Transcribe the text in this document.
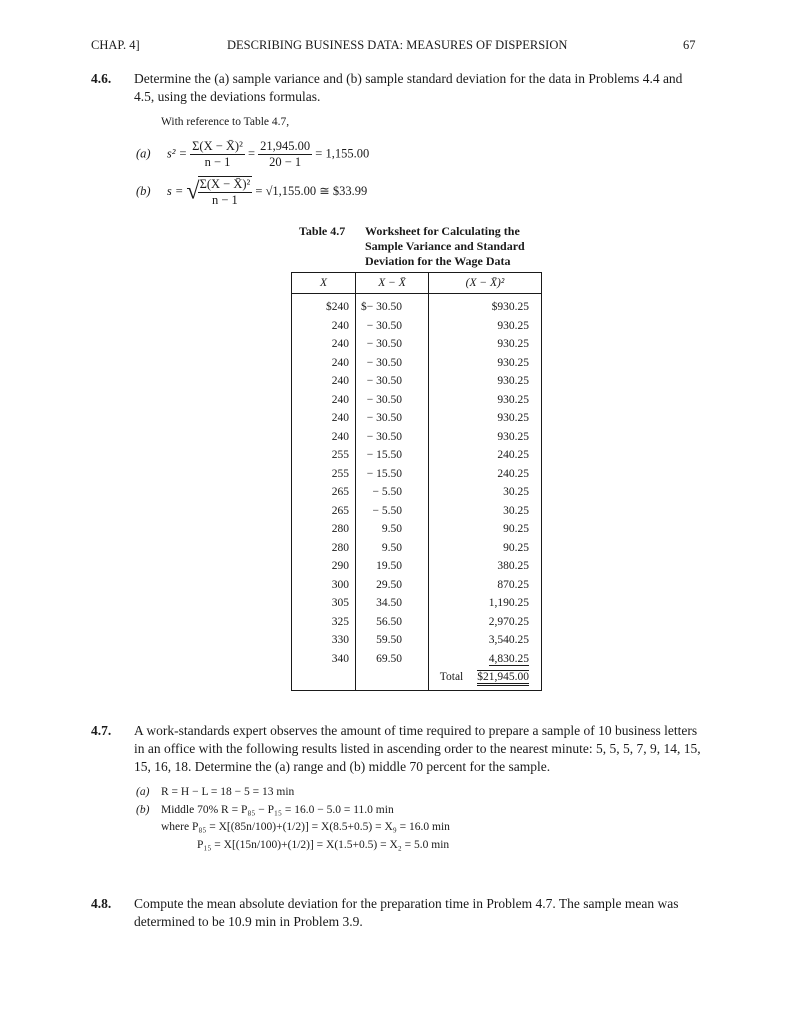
CHAP. 4]	DESCRIBING BUSINESS DATA: MEASURES OF DISPERSION	67
4.6. Determine the (a) sample variance and (b) sample standard deviation for the data in Problems 4.4 and
4.5, using the deviations formulas.
With reference to Table 4.7,
(a) $s^2 = \frac{\text{Σ(X − X̄)²}}{n - 1} = \frac{21,945.00}{20 - 1} = 1,155.00$
(b) s = √
$\frac{\text{Σ(X − X̄)²}}{n - 1} = √1,155.00$ ≅ $33.99
Table 4.7 Worksheet for Calculating the
Sample Variance and Standard
Deviation for the Wage Data
X	X − X̄	(X − X̄)²
$240	$− 30.50	$930.25
240	− 30.50	930.25
240	− 30.50	930.25
240	− 30.50	930.25
240	− 30.50	930.25
240	− 30.50	930.25
240	− 30.50	930.25
240	− 30.50	930.25
255	− 15.50	240.25
255	− 15.50	240.25
265	− 5.50	30.25
265	− 5.50	30.25
280	9.50	90.25
280	9.50	90.25
290	19.50	380.25
300	29.50	870.25
305	34.50	1,190.25
325	56.50	2,970.25
330	59.50	3,540.25
340	69.50	4,830.25
		Total $21,945.00
4.7. A work-standards expert observes the amount of time required to prepare a sample of 10 business letters
in an office with the following results listed in ascending order to the nearest minute: 5, 5, 5, 7, 9, 14, 15,
15, 16, 18. Determine the (a) range and (b) middle 70 percent for the sample.
(a) R = H − L = 18 − 5 = 13 min
(b) Middle 70% R = P₈₅ − P₁₅ = 16.0 − 5.0 = 11.0 min
where P₈₅ = X[(85n/100)+(1/2)] = X(8.5+0.5) = X₉ = 16.0 min
P₁₅ = X[(15n/100)+(1/2)] = X(1.5+0.5) = X₂ = 5.0 min
4.8. Compute the mean absolute deviation for the preparation time in Problem 4.7. The sample mean was
determined to be 10.9 min in Problem 3.9.
